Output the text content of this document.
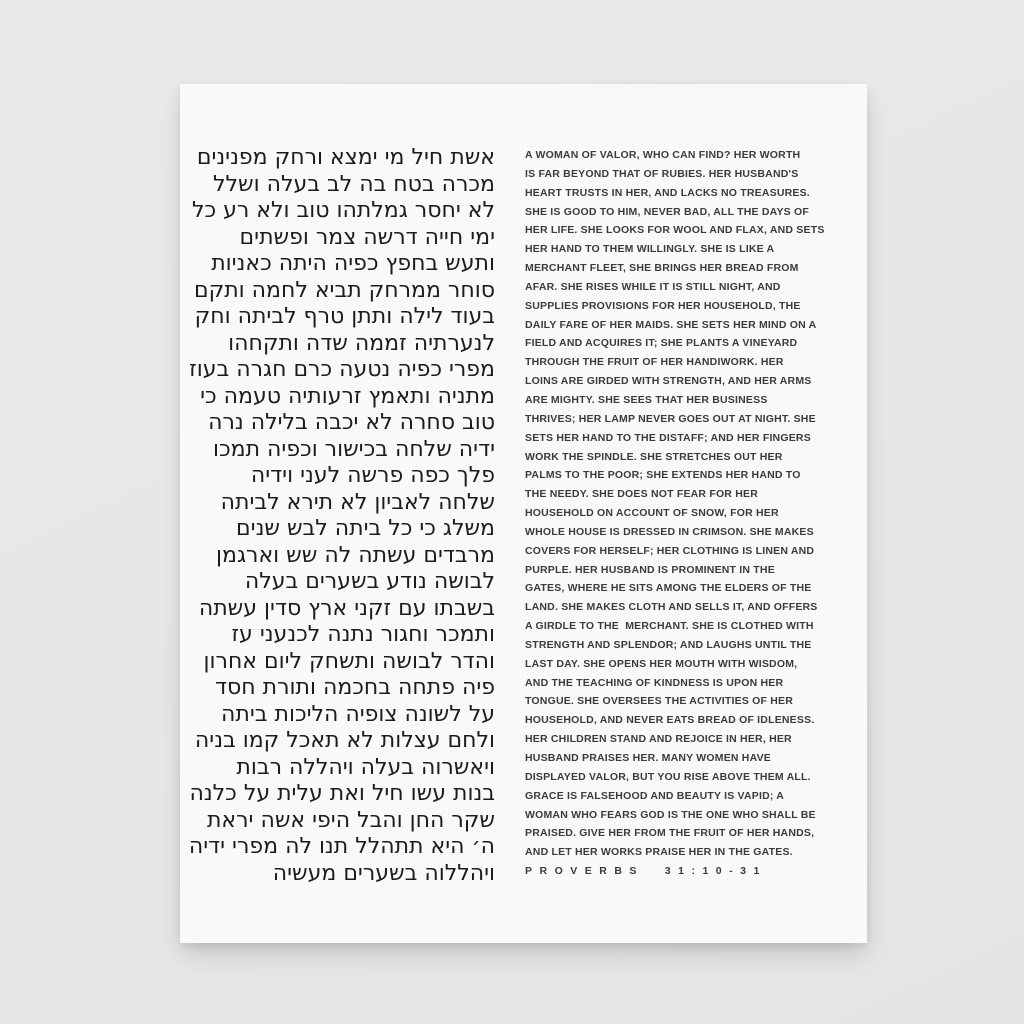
אשת חיל מי ימצא ורחק מפנינים
מכרה בטח בה לב בעלה ושלל
לא יחסר גמלתהו טוב ולא רע כל
ימי חייה דרשה צמר ופשתים
ותעש בחפץ כפיה היתה כאניות
סוחר ממרחק תביא לחמה ותקם
בעוד לילה ותתן טרף לביתה וחק
לנערתיה זממה שדה ותקחהו
מפרי כפיה נטעה כרם חגרה בעוז
מתניה ותאמץ זרעותיה טעמה כי
טוב סחרה לא יכבה בלילה נרה
ידיה שלחה בכישור וכפיה תמכו
פלך כפה פרשה לעני וידיה
שלחה לאביון לא תירא לביתה
משלג כי כל ביתה לבש שנים
מרבדים עשתה לה שש וארגמן
לבושה נודע בשערים בעלה
בשבתו עם זקני ארץ סדין עשתה
ותמכר וחגור נתנה לכנעני עז
והדר לבושה ותשחק ליום אחרון
פיה פתחה בחכמה ותורת חסד
על לשונה צופיה הליכות ביתה
ולחם עצלות לא תאכל קמו בניה
ויאשרוה בעלה ויהללה רבות
בנות עשו חיל ואת עלית על כלנה
שקר החן והבל היפי אשה יראת
ה׳ היא תתהלל תנו לה מפרי ידיה
ויהללוה בשערים מעשיה
A WOMAN OF VALOR, WHO CAN FIND? HER WORTH
IS FAR BEYOND THAT OF RUBIES. HER HUSBAND'S
HEART TRUSTS IN HER, AND LACKS NO TREASURES.
SHE IS GOOD TO HIM, NEVER BAD, ALL THE DAYS OF
HER LIFE. SHE LOOKS FOR WOOL AND FLAX, AND SETS
HER HAND TO THEM WILLINGLY. SHE IS LIKE A
MERCHANT FLEET, SHE BRINGS HER BREAD FROM
AFAR. SHE RISES WHILE IT IS STILL NIGHT, AND
SUPPLIES PROVISIONS FOR HER HOUSEHOLD, THE
DAILY FARE OF HER MAIDS. SHE SETS HER MIND ON A
FIELD AND ACQUIRES IT; SHE PLANTS A VINEYARD
THROUGH THE FRUIT OF HER HANDIWORK. HER
LOINS ARE GIRDED WITH STRENGTH, AND HER ARMS
ARE MIGHTY. SHE SEES THAT HER BUSINESS
THRIVES; HER LAMP NEVER GOES OUT AT NIGHT. SHE
SETS HER HAND TO THE DISTAFF; AND HER FINGERS
WORK THE SPINDLE. SHE STRETCHES OUT HER
PALMS TO THE POOR; SHE EXTENDS HER HAND TO
THE NEEDY. SHE DOES NOT FEAR FOR HER
HOUSEHOLD ON ACCOUNT OF SNOW, FOR HER
WHOLE HOUSE IS DRESSED IN CRIMSON. SHE MAKES
COVERS FOR HERSELF; HER CLOTHING IS LINEN AND
PURPLE. HER HUSBAND IS PROMINENT IN THE
GATES, WHERE HE SITS AMONG THE ELDERS OF THE
LAND. SHE MAKES CLOTH AND SELLS IT, AND OFFERS
A GIRDLE TO THE  MERCHANT. SHE IS CLOTHED WITH
STRENGTH AND SPLENDOR; AND LAUGHS UNTIL THE
LAST DAY. SHE OPENS HER MOUTH WITH WISDOM,
AND THE TEACHING OF KINDNESS IS UPON HER
TONGUE. SHE OVERSEES THE ACTIVITIES OF HER
HOUSEHOLD, AND NEVER EATS BREAD OF IDLENESS.
HER CHILDREN STAND AND REJOICE IN HER, HER
HUSBAND PRAISES HER. MANY WOMEN HAVE
DISPLAYED VALOR, BUT YOU RISE ABOVE THEM ALL.
GRACE IS FALSEHOOD AND BEAUTY IS VAPID; A
WOMAN WHO FEARS GOD IS THE ONE WHO SHALL BE
PRAISED. GIVE HER FROM THE FRUIT OF HER HANDS,
AND LET HER WORKS PRAISE HER IN THE GATES.
PROVERBS  31:10-31
